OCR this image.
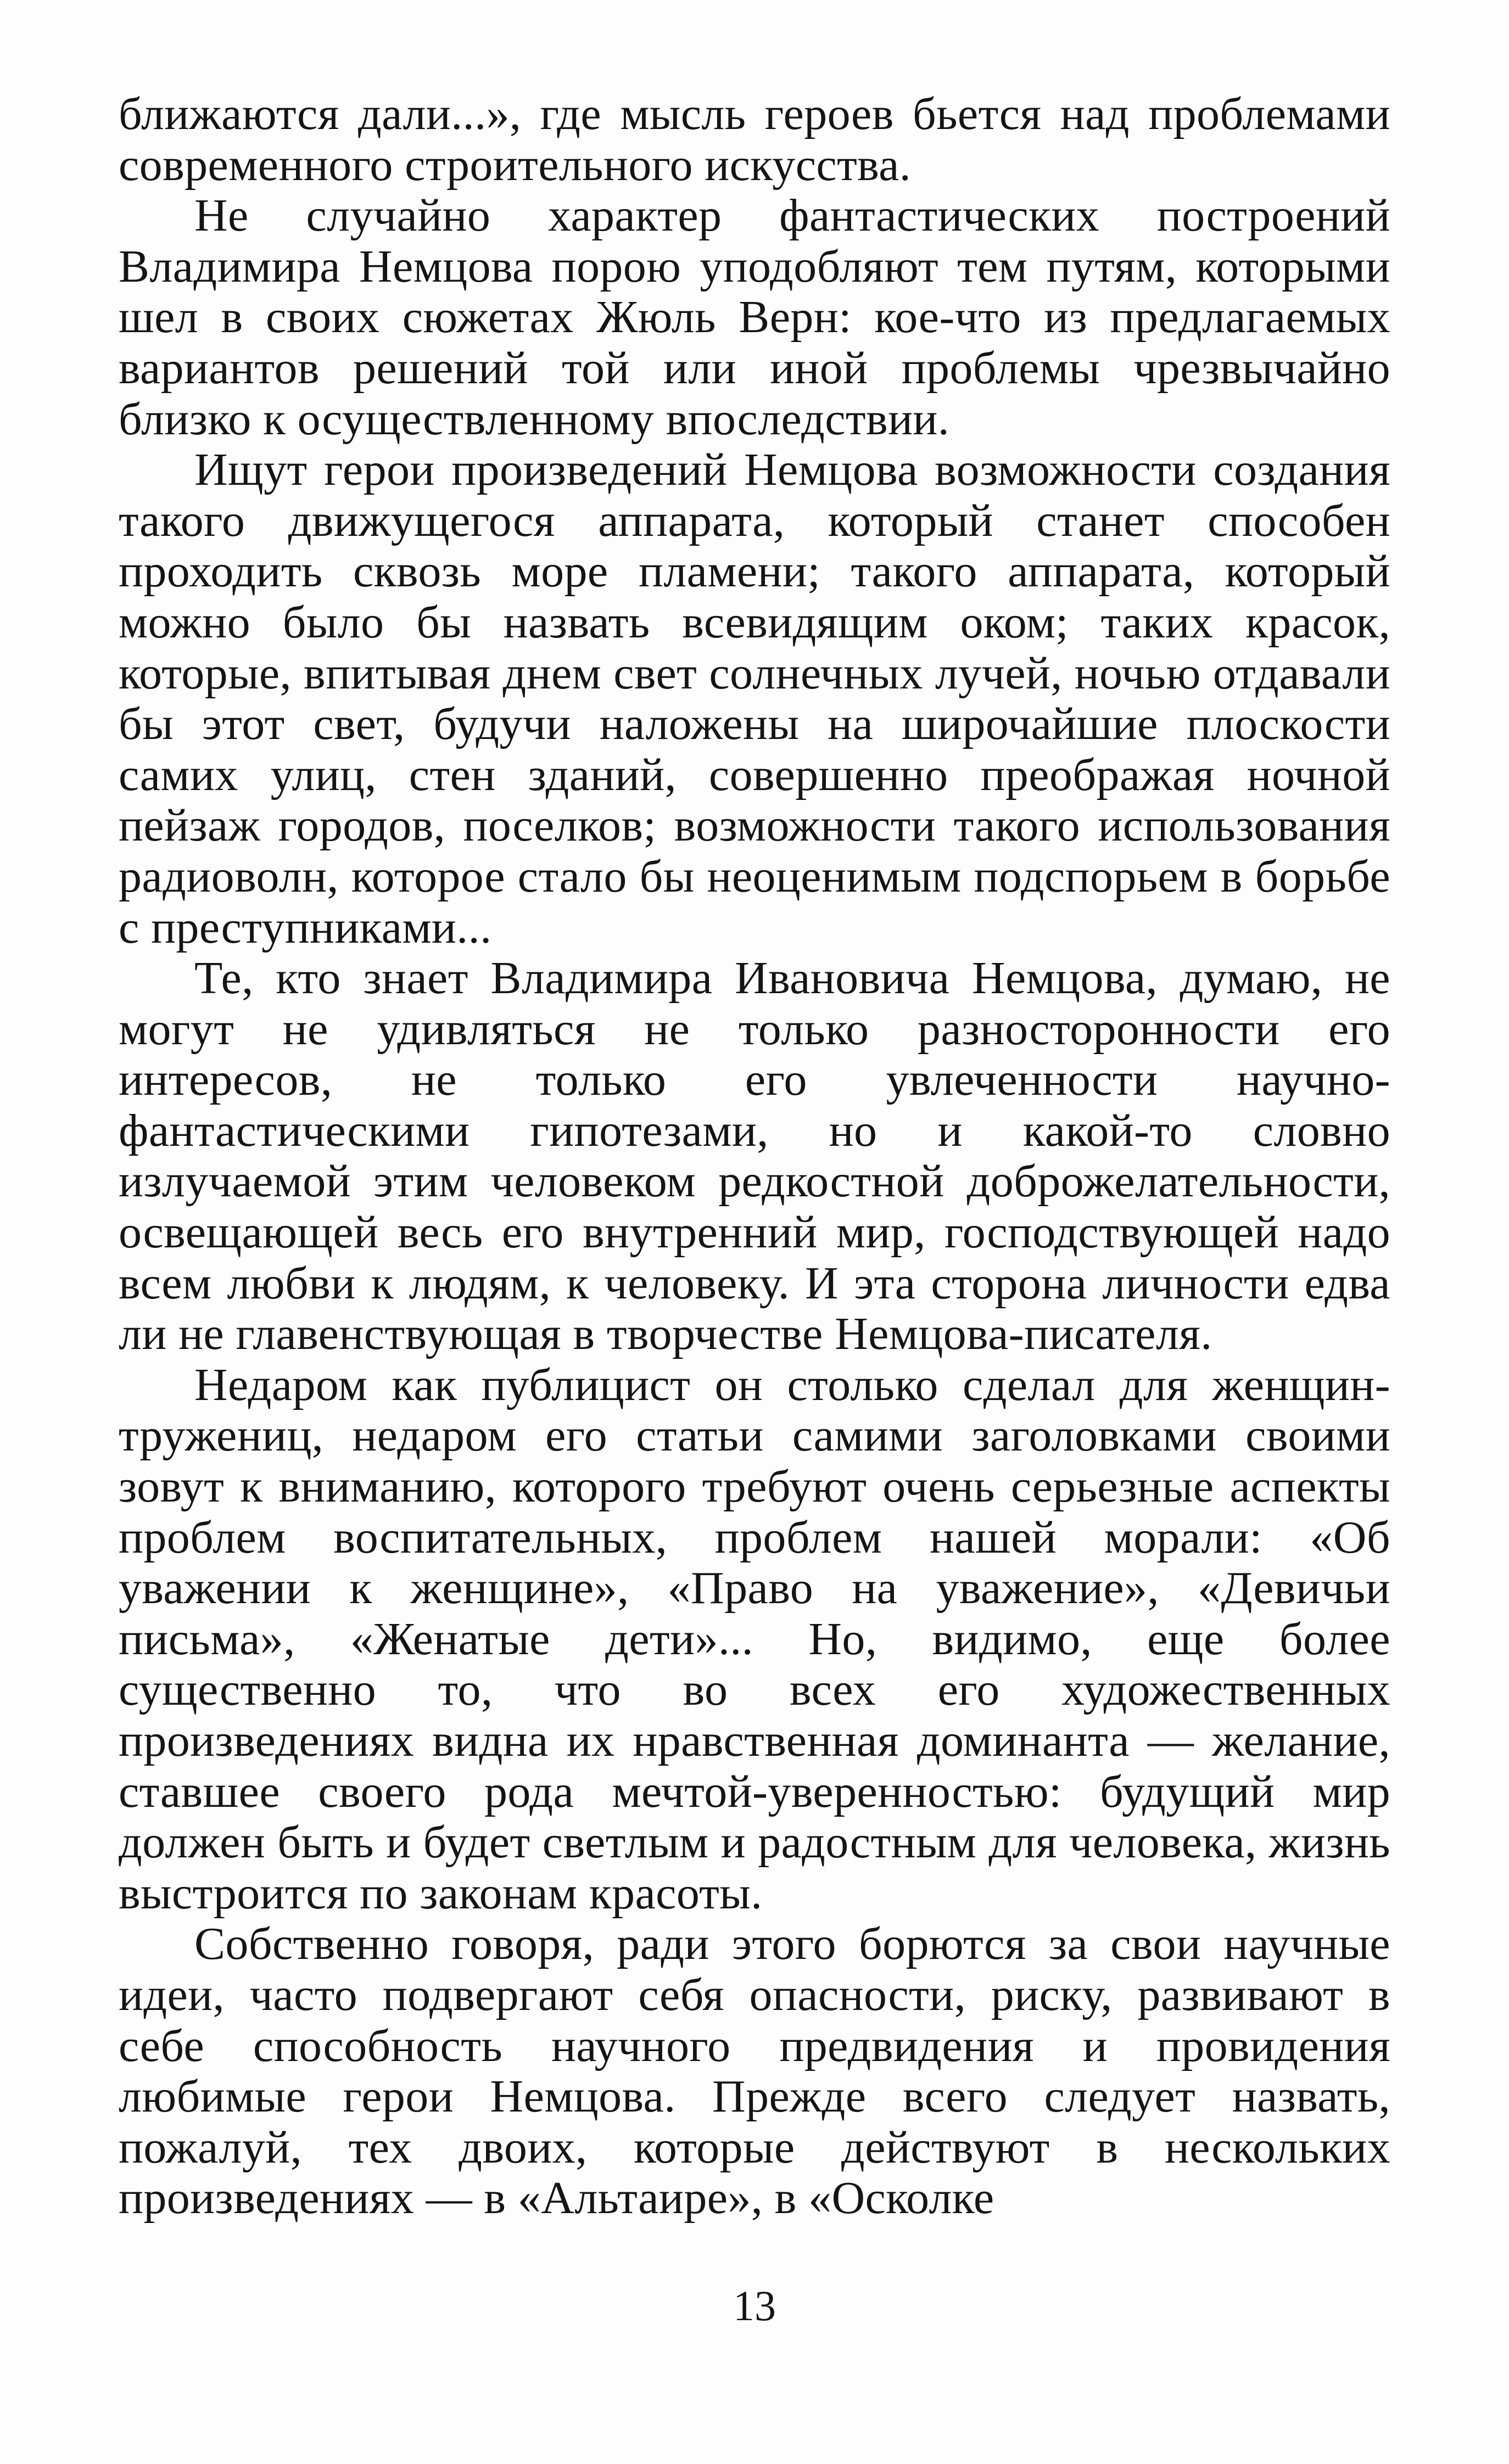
ближаются дали...», где мысль героев бьется над проблемами современного строительного искусства.

Не случайно характер фантастических построений Владимира Немцова порою уподобляют тем путям, которыми шел в своих сюжетах Жюль Верн: кое-что из предлагаемых вариантов решений той или иной проблемы чрезвычайно близко к осуществленному впоследствии.

Ищут герои произведений Немцова возможности создания такого движущегося аппарата, который станет способен проходить сквозь море пламени; такого аппарата, который можно было бы назвать всевидящим оком; таких красок, которые, впитывая днем свет солнечных лучей, ночью отдавали бы этот свет, будучи наложены на широчайшие плоскости самих улиц, стен зданий, совершенно преображая ночной пейзаж городов, поселков; возможности такого использования радиоволн, которое стало бы неоценимым подспорьем в борьбе с преступниками...

Те, кто знает Владимира Ивановича Немцова, думаю, не могут не удивляться не только разносторонности его интересов, не только его увлеченности научно-фантастическими гипотезами, но и какой-то словно излучаемой этим человеком редкостной доброжелательности, освещающей весь его внутренний мир, господствующей надо всем любви к людям, к человеку. И эта сторона личности едва ли не главенствующая в творчестве Немцова-писателя.

Недаром как публицист он столько сделал для женщин-тружениц, недаром его статьи самими заголовками своими зовут к вниманию, которого требуют очень серьезные аспекты проблем воспитательных, проблем нашей морали: «Об уважении к женщине», «Право на уважение», «Девичьи письма», «Женатые дети»... Но, видимо, еще более существенно то, что во всех его художественных произведениях видна их нравственная доминанта — желание, ставшее своего рода мечтой-уверенностью: будущий мир должен быть и будет светлым и радостным для человека, жизнь выстроится по законам красоты.

Собственно говоря, ради этого борются за свои научные идеи, часто подвергают себя опасности, риску, развивают в себе способность научного предвидения и провидения любимые герои Немцова. Прежде всего следует назвать, пожалуй, тех двоих, которые действуют в нескольких произведениях — в «Альтаире», в «Осколке

13
